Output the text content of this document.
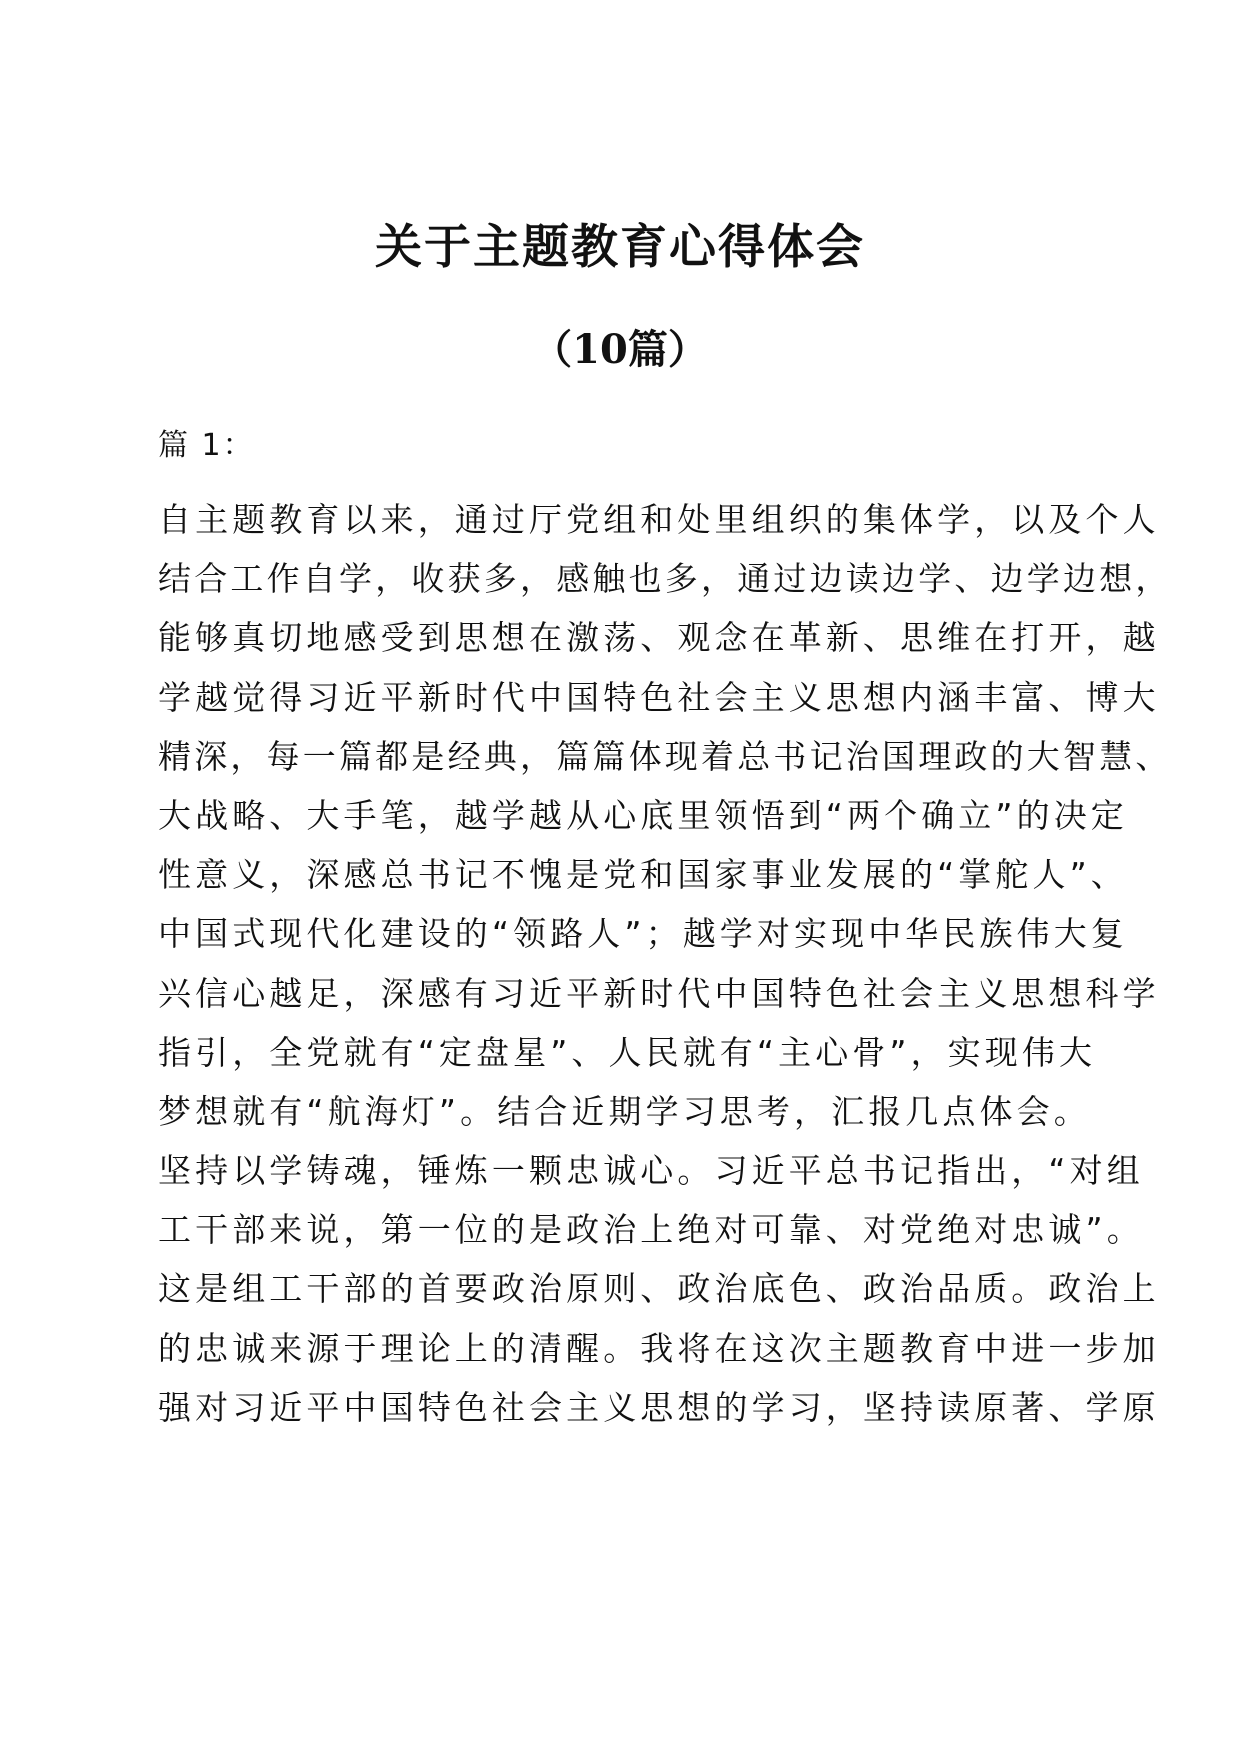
关于主题教育心得体会
（10篇）
篇 1：
自主题教育以来，通过厅党组和处里组织的集体学，以及个人
结合工作自学，收获多，感触也多，通过边读边学、边学边想，
能够真切地感受到思想在激荡、观念在革新、思维在打开，越
学越觉得习近平新时代中国特色社会主义思想内涵丰富、博大
精深，每一篇都是经典，篇篇体现着总书记治国理政的大智慧、
大战略、大手笔，越学越从心底里领悟到“两个确立”的决定
性意义，深感总书记不愧是党和国家事业发展的“掌舵人”、
中国式现代化建设的“领路人”；越学对实现中华民族伟大复
兴信心越足，深感有习近平新时代中国特色社会主义思想科学
指引，全党就有“定盘星”、人民就有“主心骨”，实现伟大
梦想就有“航海灯”。结合近期学习思考，汇报几点体会。
坚持以学铸魂，锤炼一颗忠诚心。习近平总书记指出，“对组
工干部来说，第一位的是政治上绝对可靠、对党绝对忠诚”。
这是组工干部的首要政治原则、政治底色、政治品质。政治上
的忠诚来源于理论上的清醒。我将在这次主题教育中进一步加
强对习近平中国特色社会主义思想的学习，坚持读原著、学原
